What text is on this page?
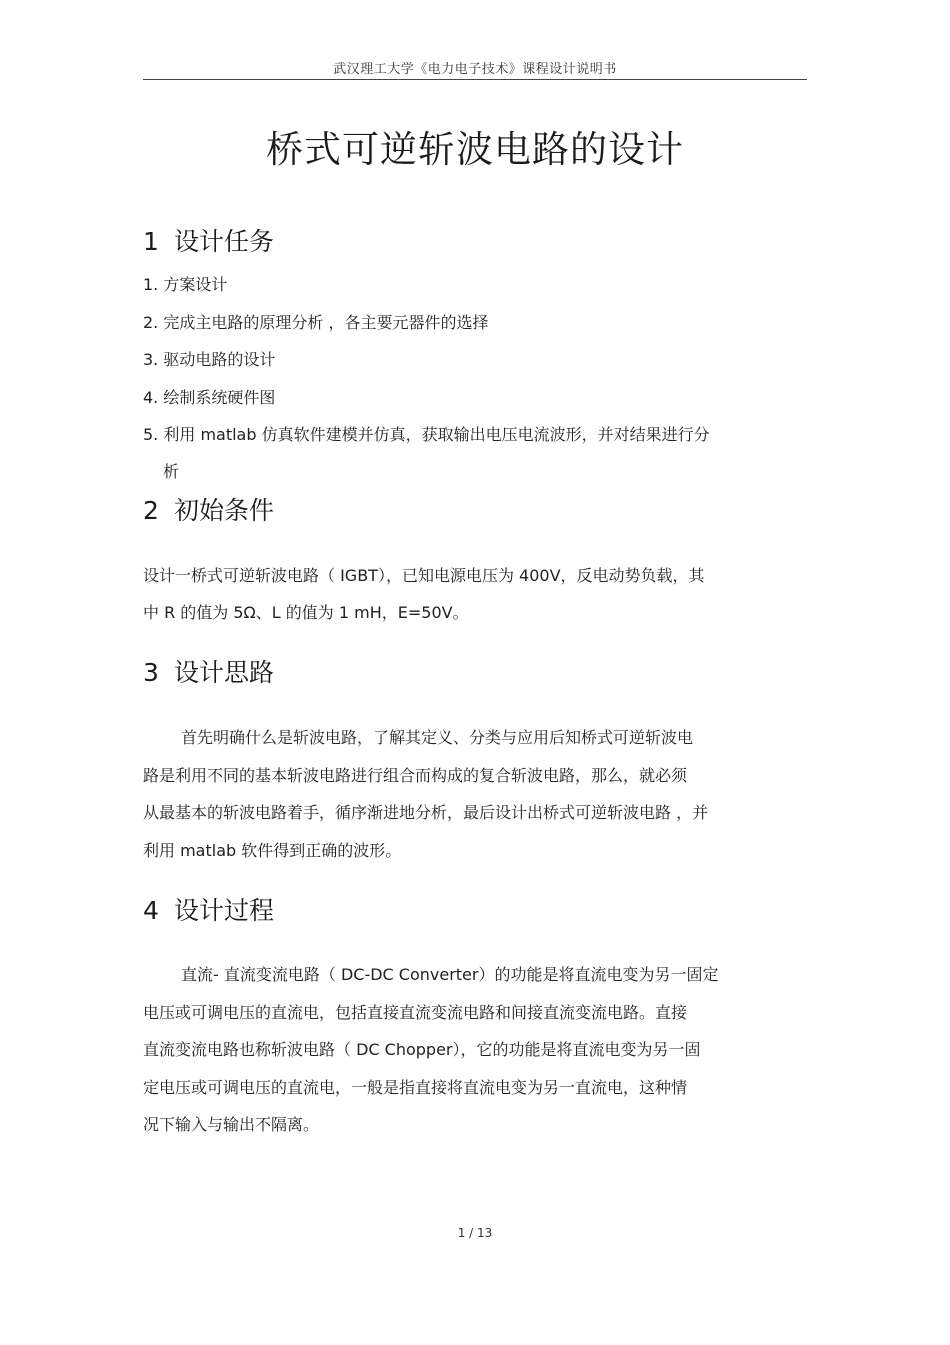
武汉理工大学《电力电子技术》课程设计说明书
桥式可逆斩波电路的设计
1 设计任务
1. 方案设计
2. 完成主电路的原理分析 ，各主要元器件的选择
3. 驱动电路的设计
4. 绘制系统硬件图
5. 利用 matlab 仿真软件建模并仿真，获取输出电压电流波形，并对结果进行分
析
2 初始条件
设计一桥式可逆斩波电路（ IGBT），已知电源电压为 400V，反电动势负载，其
中 R 的值为 5Ω、L 的值为 1 mH，E=50V。
3 设计思路
首先明确什么是斩波电路，了解其定义、分类与应用后知桥式可逆斩波电
路是利用不同的基本斩波电路进行组合而构成的复合斩波电路，那么，就必须
从最基本的斩波电路着手，循序渐进地分析，最后设计出桥式可逆斩波电路 ，并
利用 matlab 软件得到正确的波形。
4 设计过程
直流- 直流变流电路（ DC-DC Converter）的功能是将直流电变为另一固定
电压或可调电压的直流电，包括直接直流变流电路和间接直流变流电路。直接
直流变流电路也称斩波电路（ DC Chopper），它的功能是将直流电变为另一固
定电压或可调电压的直流电，一般是指直接将直流电变为另一直流电，这种情
况下输入与输出不隔离。
1 / 13
